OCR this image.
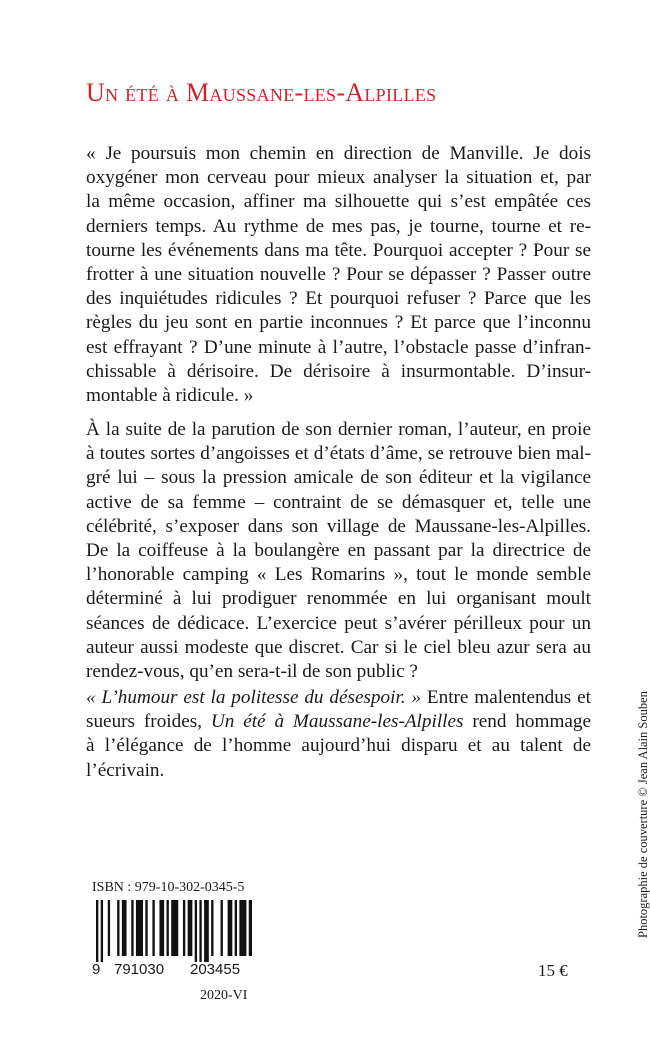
Un été à Maussane-les-Alpilles
« Je poursuis mon chemin en direction de Manville. Je dois
oxygéner mon cerveau pour mieux analyser la situation et, par
la même occasion, affiner ma silhouette qui s’est empâtée ces
derniers temps. Au rythme de mes pas, je tourne, tourne et re-
tourne les événements dans ma tête. Pourquoi accepter ? Pour se
frotter à une situation nouvelle ? Pour se dépasser ? Passer outre
des inquiétudes ridicules ? Et pourquoi refuser ? Parce que les
règles du jeu sont en partie inconnues ? Et parce que l’inconnu
est effrayant ? D’une minute à l’autre, l’obstacle passe d’infran-
chissable à dérisoire. De dérisoire à insurmontable. D’insur-
montable à ridicule. »
À la suite de la parution de son dernier roman, l’auteur, en proie
à toutes sortes d’angoisses et d’états d’âme, se retrouve bien mal-
gré lui – sous la pression amicale de son éditeur et la vigilance
active de sa femme – contraint de se démasquer et, telle une
célébrité, s’exposer dans son village de Maussane-les-Alpilles.
De la coiffeuse à la boulangère en passant par la directrice de
l’honorable camping « Les Romarins », tout le monde semble
déterminé à lui prodiguer renommée en lui organisant moult
séances de dédicace. L’exercice peut s’avérer périlleux pour un
auteur aussi modeste que discret. Car si le ciel bleu azur sera au
rendez-vous, qu’en sera-t-il de son public ?
« L’humour est la politesse du désespoir. » Entre malentendus et
sueurs froides, Un été à Maussane-les-Alpilles rend hommage
à l’élégance de l’homme aujourd’hui disparu et au talent de
l’écrivain.
ISBN : 979-10-302-0345-5
9 791030 203455
2020-VI
15 €
Photographie de couverture © Jean Alain Souben
